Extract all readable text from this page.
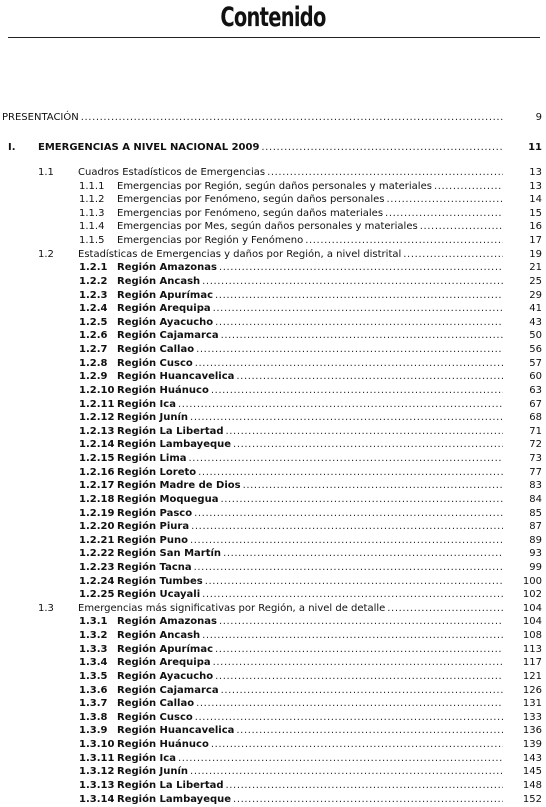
Contenido
PRESENTACIÓN .....	9
I. EMERGENCIAS A NIVEL NACIONAL 2009 .....	11
1.1 Cuadros Estadísticos de Emergencias .....	13
1.1.1 Emergencias por Región, según daños personales y materiales .....	13
1.1.2 Emergencias por Fenómeno, según daños personales .....	14
1.1.3 Emergencias por Fenómeno, según daños materiales .....	15
1.1.4 Emergencias por Mes, según daños personales y materiales .....	16
1.1.5 Emergencias por Región y Fenómeno .....	17
1.2 Estadísticas de Emergencias y daños por Región, a nivel distrital .....	19
1.2.1 Región Amazonas .....	21
1.2.2 Región Ancash .....	25
1.2.3 Región Apurímac .....	29
1.2.4 Región Arequipa .....	41
1.2.5 Región Ayacucho .....	43
1.2.6 Región Cajamarca .....	50
1.2.7 Región Callao .....	56
1.2.8 Región Cusco .....	57
1.2.9 Región Huancavelica .....	60
1.2.10 Región Huánuco .....	63
1.2.11 Región Ica .....	67
1.2.12 Región Junín .....	68
1.2.13 Región La Libertad .....	71
1.2.14 Región Lambayeque .....	72
1.2.15 Región Lima .....	73
1.2.16 Región Loreto .....	77
1.2.17 Región Madre de Dios .....	83
1.2.18 Región Moquegua .....	84
1.2.19 Región Pasco .....	85
1.2.20 Región Piura .....	87
1.2.21 Región Puno .....	89
1.2.22 Región San Martín .....	93
1.2.23 Región Tacna .....	99
1.2.24 Región Tumbes .....	100
1.2.25 Región Ucayali .....	102
1.3 Emergencias más significativas por Región, a nivel de detalle .....	104
1.3.1 Región Amazonas .....	104
1.3.2 Región Ancash .....	108
1.3.3 Región Apurímac .....	113
1.3.4 Región Arequipa .....	117
1.3.5 Región Ayacucho .....	121
1.3.6 Región Cajamarca .....	126
1.3.7 Región Callao .....	131
1.3.8 Región Cusco .....	133
1.3.9 Región Huancavelica .....	136
1.3.10 Región Huánuco .....	139
1.3.11 Región Ica .....	143
1.3.12 Región Junín .....	145
1.3.13 Región La Libertad .....	148
1.3.14 Región Lambayeque .....	152
